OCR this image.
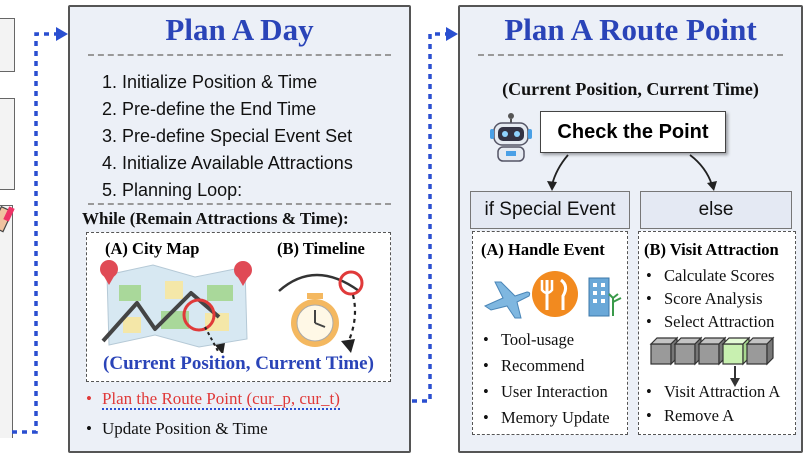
Plan A Day
1. Initialize Position & Time
2. Pre-define the End Time
3. Pre-define Special Event Set
4. Initialize Available Attractions
5. Planning Loop:
While (Remain Attractions & Time):
(A) City Map	(B) Timeline
(Current Position, Current Time)
• Plan the Route Point (cur_p, cur_t)
• Update Position & Time
Plan A Route Point
(Current Position, Current Time)
Check the Point
if Special Event	else
(A) Handle Event
• Tool-usage
• Recommend
• User Interaction
• Memory Update
(B) Visit Attraction
• Calculate Scores
• Score Analysis
• Select Attraction
• Visit Attraction A
• Remove A
